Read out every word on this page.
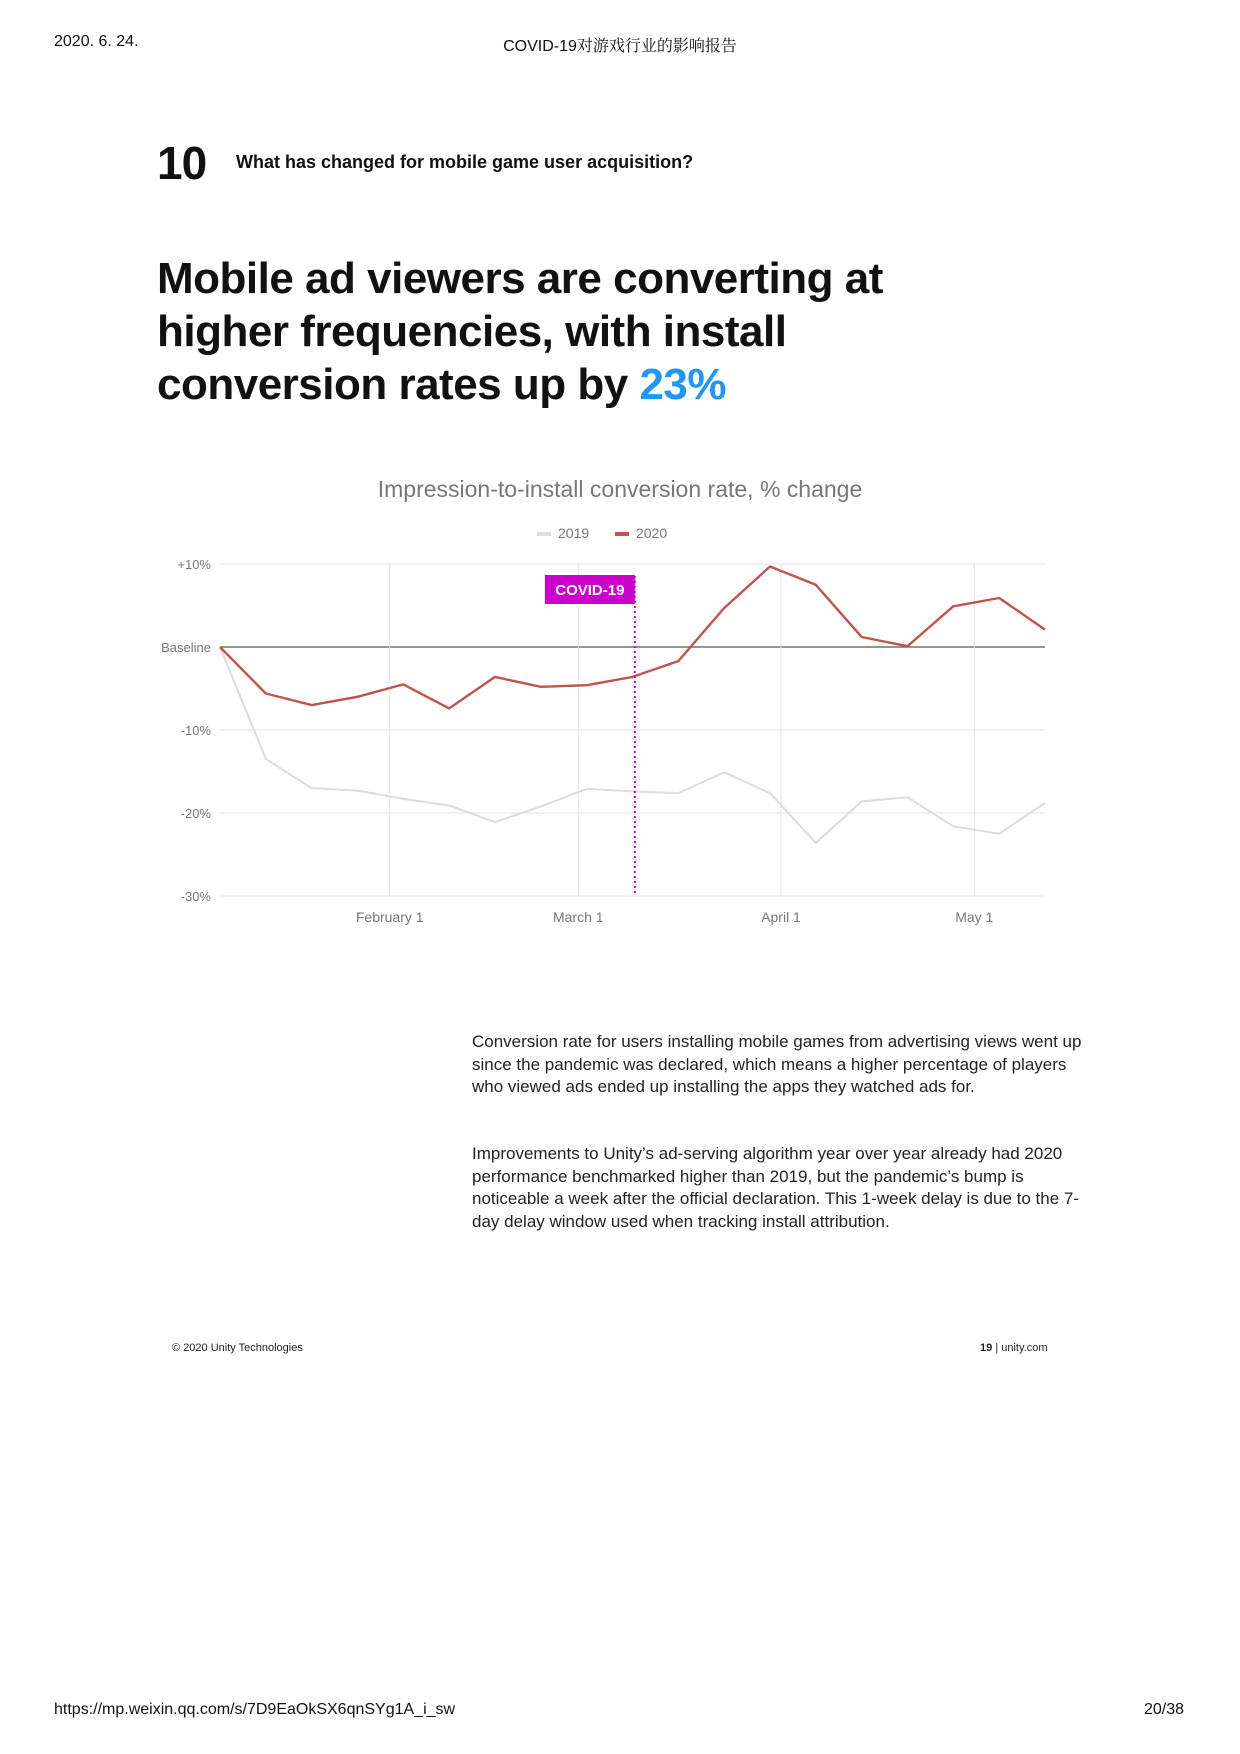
2020. 6. 24.	COVID-19对游戏行业的影响报告
10 What has changed for mobile game user acquisition?

Mobile ad viewers are converting at higher frequencies, with install conversion rates up by 23%

Impression-to-install conversion rate, % change
2019	2020
COVID-19
+10%
Baseline
-10%
-20%
-30%
February 1	March 1	April 1	May 1

Conversion rate for users installing mobile games from advertising views went up since the pandemic was declared, which means a higher percentage of players who viewed ads ended up installing the apps they watched ads for.

Improvements to Unity’s ad-serving algorithm year over year already had 2020 performance benchmarked higher than 2019, but the pandemic’s bump is noticeable a week after the official declaration. This 1-week delay is due to the 7-day delay window used when tracking install attribution.

© 2020 Unity Technologies	19 | unity.com
https://mp.weixin.qq.com/s/7D9EaOkSX6qnSYg1A_i_sw	20/38
